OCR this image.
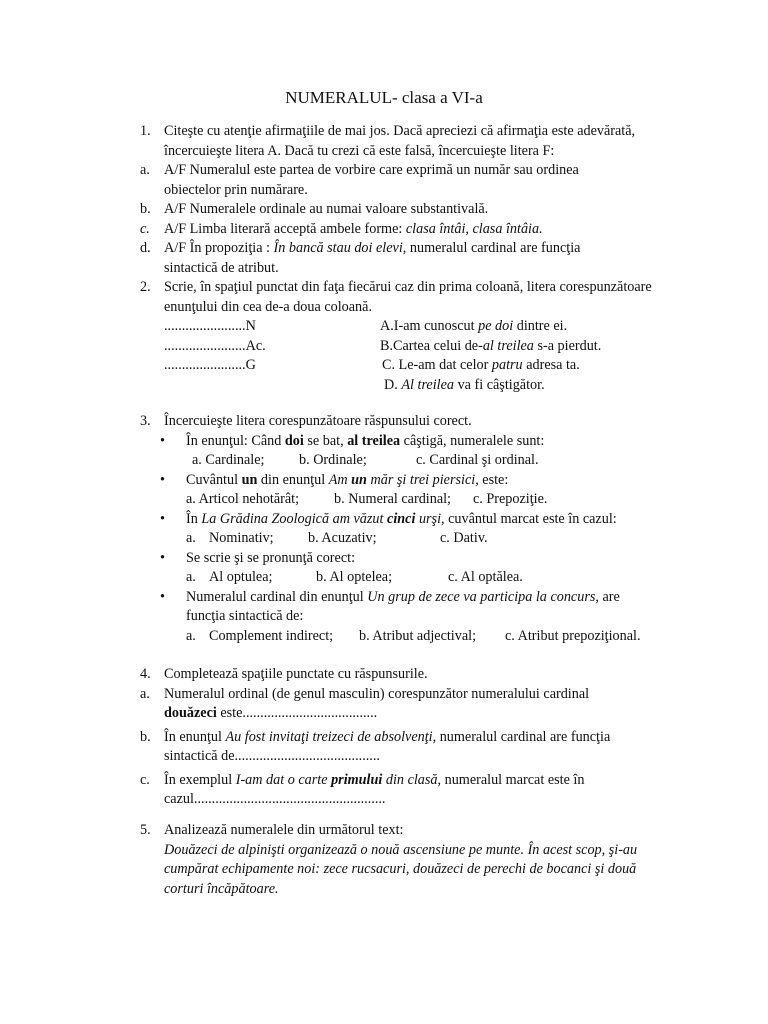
NUMERALUL- clasa a VI-a
1. Citeşte cu atenţie afirmaţiile de mai jos. Dacă apreciezi că afirmaţia este adevărată,
încercuieşte litera A. Dacă tu crezi că este falsă, încercuieşte litera F:
a. A/F Numeralul este partea de vorbire care exprimă un număr sau ordinea
obiectelor prin numărare.
b. A/F Numeralele ordinale au numai valoare substantivală.
c. A/F Limba literară acceptă ambele forme: clasa întâi, clasa întâia.
d. A/F În propoziţia : În bancă stau doi elevi, numeralul cardinal are funcţia
sintactică de atribut.
2. Scrie, în spaţiul punctat din faţa fiecărui caz din prima coloană, litera corespunzătoare
enunţului din cea de-a doua coloană.
.......................N	A.I-am cunoscut pe doi dintre ei.
.......................Ac.	B.Cartea celui de-al treilea s-a pierdut.
.......................G	C. Le-am dat celor patru adresa ta.
D. Al treilea va fi câştigător.
3. Încercuieşte litera corespunzătoare răspunsului corect.
• În enunţul: Când doi se bat, al treilea câştigă, numeralele sunt:
a. Cardinale; b. Ordinale;	c. Cardinal şi ordinal.
• Cuvântul un din enunţul Am un măr şi trei piersici, este:
a. Articol nehotărât; b. Numeral cardinal; c. Prepoziţie.
• În La Grădina Zoologică am văzut cinci urşi, cuvântul marcat este în cazul:
a. Nominativ; b. Acuzativ;	c. Dativ.
• Se scrie şi se pronunţă corect:
a. Al optulea;	b. Al optelea;	c. Al optălea.
• Numeralul cardinal din enunţul Un grup de zece va participa la concurs, are
funcţia sintactică de:
a. Complement indirect; b. Atribut adjectival; c. Atribut prepoziţional.
4. Completează spaţiile punctate cu răspunsurile.
a. Numeralul ordinal (de genul masculin) corespunzător numeralului cardinal
douăzeci este......................................
b. În enunţul Au fost invitaţi treizeci de absolvenţi, numeralul cardinal are funcţia
sintactică de.........................................
c. În exemplul I-am dat o carte primului din clasă, numeralul marcat este în
cazul......................................................
5. Analizează numeralele din următorul text:
Douăzeci de alpinişti organizează o nouă ascensiune pe munte. În acest scop, şi-au
cumpărat echipamente noi: zece rucsacuri, douăzeci de perechi de bocanci şi două
corturi încăpătoare.
